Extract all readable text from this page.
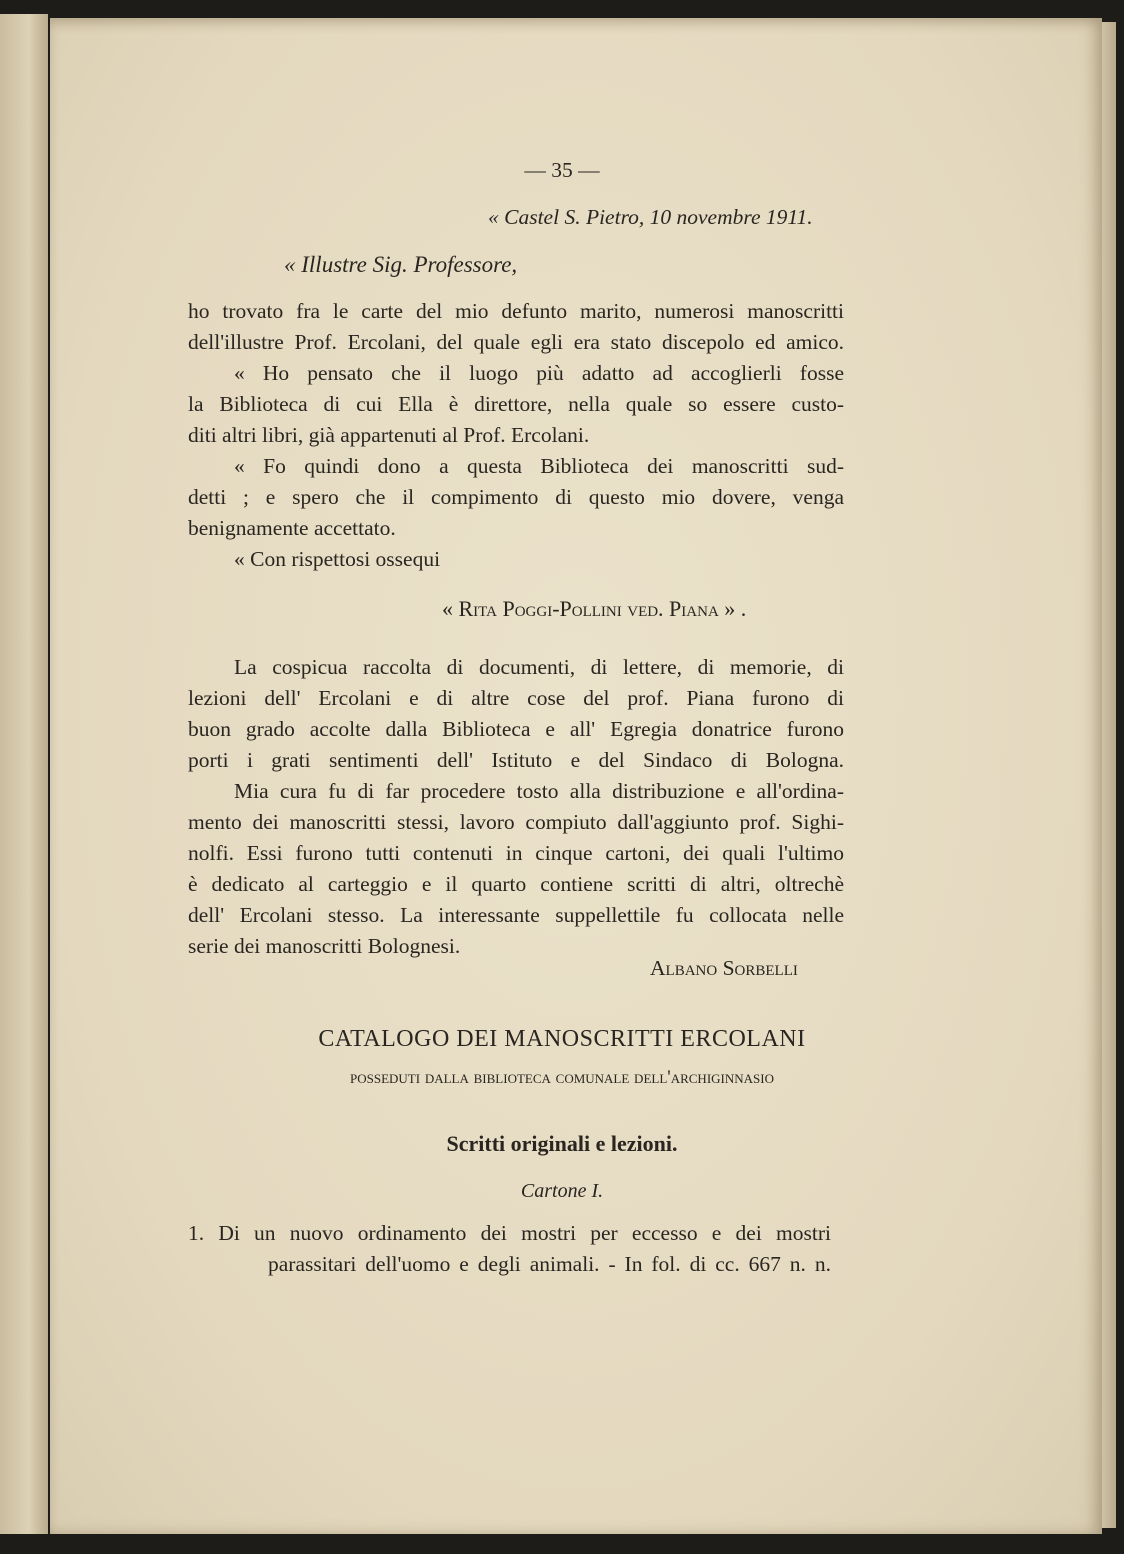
— 35 —
« Castel S. Pietro, 10 novembre 1911.
« Illustre Sig. Professore,
ho trovato fra le carte del mio defunto marito, numerosi manoscritti
dell'illustre Prof. Ercolani, del quale egli era stato discepolo ed amico.
« Ho pensato che il luogo più adatto ad accoglierli fosse
la Biblioteca di cui Ella è direttore, nella quale so essere custo-
diti altri libri, già appartenuti al Prof. Ercolani.
« Fo quindi dono a questa Biblioteca dei manoscritti sud-
detti ; e spero che il compimento di questo mio dovere, venga
benignamente accettato.
« Con rispettosi ossequi
« Rita Poggi-Pollini ved. Piana » .
La cospicua raccolta di documenti, di lettere, di memorie, di
lezioni dell' Ercolani e di altre cose del prof. Piana furono di
buon grado accolte dalla Biblioteca e all' Egregia donatrice furono
porti i grati sentimenti dell' Istituto e del Sindaco di Bologna.
Mia cura fu di far procedere tosto alla distribuzione e all'ordina-
mento dei manoscritti stessi, lavoro compiuto dall'aggiunto prof. Sighi-
nolfi. Essi furono tutti contenuti in cinque cartoni, dei quali l'ultimo
è dedicato al carteggio e il quarto contiene scritti di altri, oltrechè
dell' Ercolani stesso. La interessante suppellettile fu collocata nelle
serie dei manoscritti Bolognesi.
Albano Sorbelli
CATALOGO DEI MANOSCRITTI ERCOLANI
posseduti dalla biblioteca comunale dell'archiginnasio
Scritti originali e lezioni.
Cartone I.
1. Di un nuovo ordinamento dei mostri per eccesso e dei mostri
parassitari dell'uomo e degli animali. - In fol. di cc. 667 n. n.
